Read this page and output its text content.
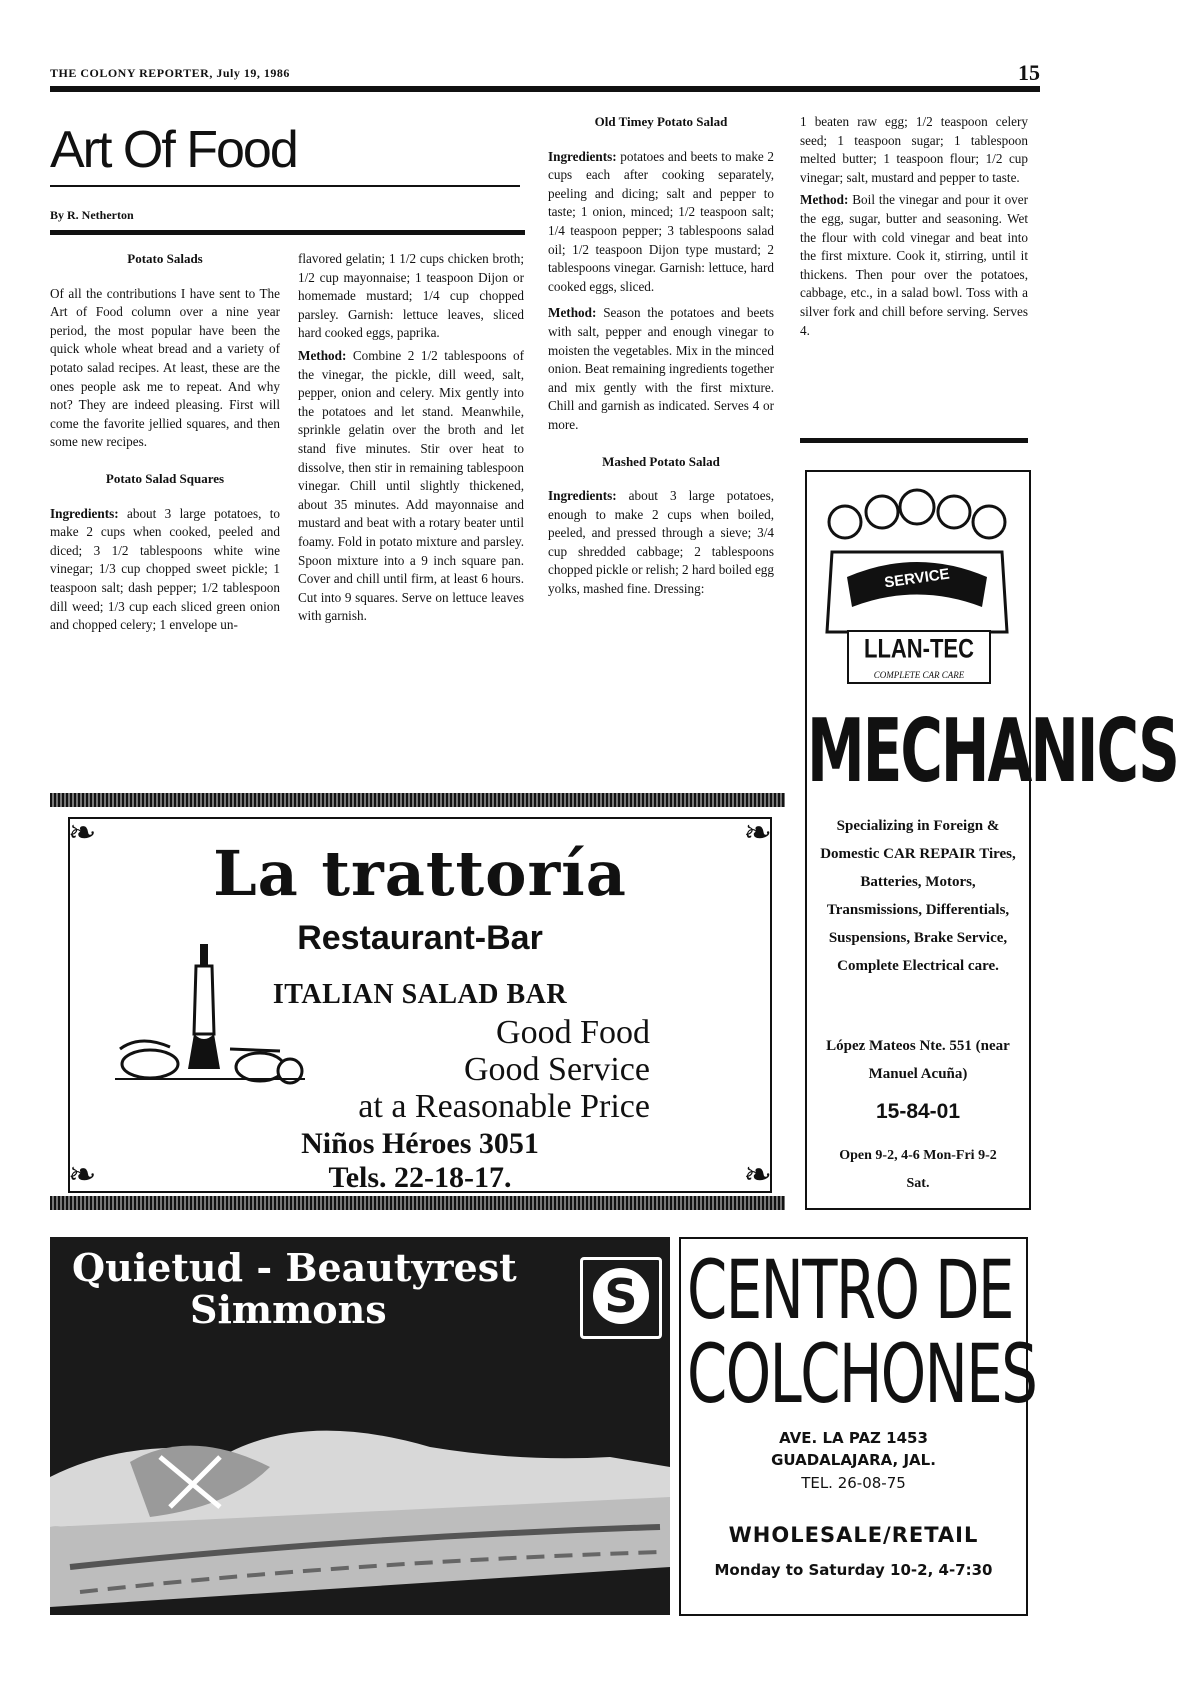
THE COLONY REPORTER, July 19, 1986	15
Art Of Food
By R. Netherton
Potato Salads

Of all the contributions I have sent to The Art of Food column over a nine year period, the most popular have been the quick whole wheat bread and a variety of potato salad recipes. At least, these are the ones people ask me to repeat. And why not? They are indeed pleasing. First will come the favorite jellied squares, and then some new recipes.

Potato Salad Squares

Ingredients: about 3 large potatoes, to make 2 cups when cooked, peeled and diced; 3 1/2 tablespoons white wine vinegar; 1/3 cup chopped sweet pickle; 1 teaspoon salt; dash pepper; 1/2 tablespoon dill weed; 1/3 cup each sliced green onion and chopped celery; 1 envelope un-

flavored gelatin; 1 1/2 cups chicken broth; 1/2 cup mayonnaise; 1 teaspoon Dijon or homemade mustard; 1/4 cup chopped parsley. Garnish: lettuce leaves, sliced hard cooked eggs, paprika.

Method: Combine 2 1/2 tablespoons of the vinegar, the pickle, dill weed, salt, pepper, onion and celery. Mix gently into the potatoes and let stand. Meanwhile, sprinkle gelatin over the broth and let stand five minutes. Stir over heat to dissolve, then stir in remaining tablespoon vinegar. Chill until slightly thickened, about 35 minutes. Add mayonnaise and mustard and beat with a rotary beater until foamy. Fold in potato mixture and parsley. Spoon mixture into a 9 inch square pan. Cover and chill until firm, at least 6 hours. Cut into 9 squares. Serve on lettuce leaves with garnish.

Old Timey Potato Salad

Ingredients: potatoes and beets to make 2 cups each after cooking separately, peeling and dicing; salt and pepper to taste; 1 onion, minced; 1/2 teaspoon salt; 1/4 teaspoon pepper; 3 tablespoons salad oil; 1/2 teaspoon Dijon type mustard; 2 tablespoons vinegar. Garnish: lettuce, hard cooked eggs, sliced.

Method: Season the potatoes and beets with salt, pepper and enough vinegar to moisten the vegetables. Mix in the minced onion. Beat remaining ingredients together and mix gently with the first mixture. Chill and garnish as indicated. Serves 4 or more.

Mashed Potato Salad

Ingredients: about 3 large potatoes, enough to make 2 cups when boiled, peeled, and pressed through a sieve; 3/4 cup shredded cabbage; 2 tablespoons chopped pickle or relish; 2 hard boiled egg yolks, mashed fine. Dressing:

1 beaten raw egg; 1/2 teaspoon celery seed; 1 teaspoon sugar; 1 tablespoon melted butter; 1 teaspoon flour; 1/2 cup vinegar; salt, mustard and pepper to taste.

Method: Boil the vinegar and pour it over the egg, sugar, butter and seasoning. Wet the flour with cold vinegar and beat into the first mixture. Cook it, stirring, until it thickens. Then pour over the potatoes, cabbage, etc., in a salad bowl. Toss with a silver fork and chill before serving. Serves 4.

❧	❧
❧	❧
La trattoría
Restaurant-Bar
ITALIAN SALAD BAR
Good Food
Good Service
at a Reasonable Price
Niños Héroes 3051
Tels. 22-18-17.
SERVICE
LLAN-TEC
COMPLETE CAR CARE
MECHANICS
Specializing in Foreign & Domestic CAR REPAIR Tires, Batteries, Motors, Transmissions, Differentials, Suspensions, Brake Service, Complete Electrical care.
López Mateos Nte. 551 (near Manuel Acuña)
15-84-01
Open 9-2, 4-6 Mon-Fri 9-2 Sat.
Quietud - Beautyrest
Simmons	S CENTRO DE
COLCHONES
AVE. LA PAZ 1453
GUADALAJARA, JAL.
TEL. 26-08-75
WHOLESALE/RETAIL
Monday to Saturday 10-2, 4-7:30
